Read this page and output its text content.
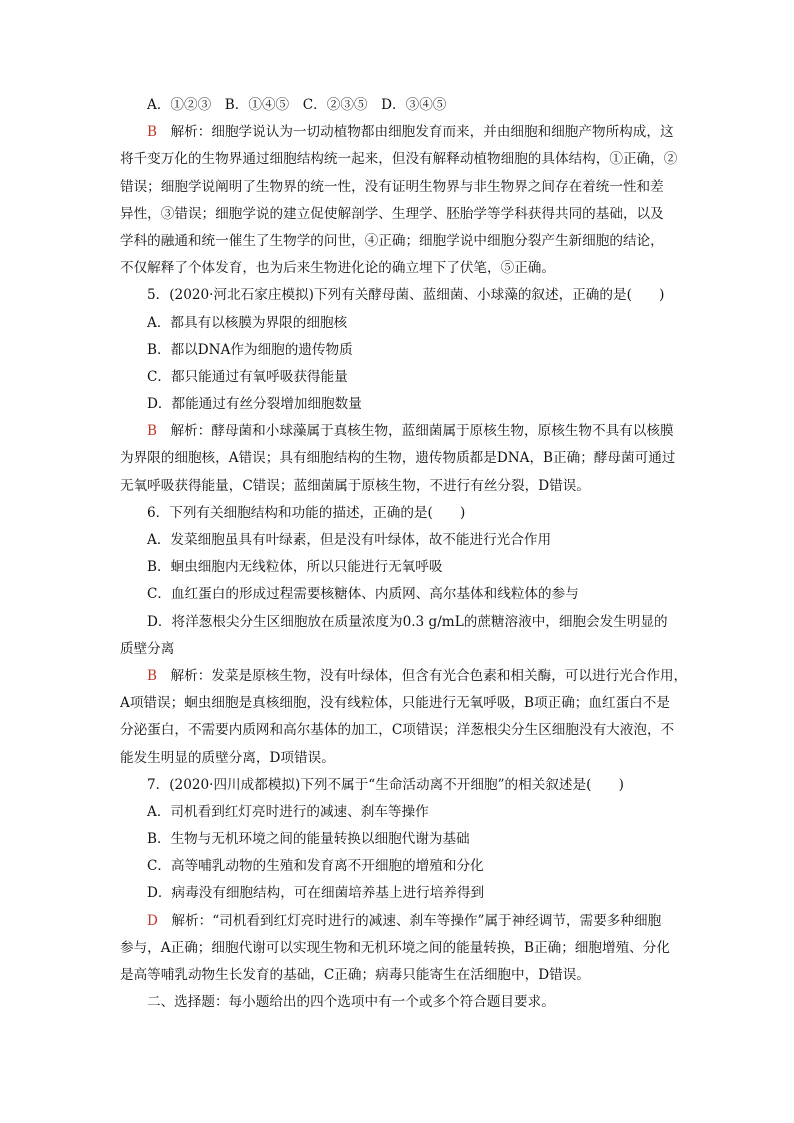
A．①②③　B．①④⑤　C．②③⑤　D．③④⑤
B　解析：细胞学说认为一切动植物都由细胞发育而来，并由细胞和细胞产物所构成，这
将千变万化的生物界通过细胞结构统一起来，但没有解释动植物细胞的具体结构，①正确，②
错误；细胞学说阐明了生物界的统一性，没有证明生物界与非生物界之间存在着统一性和差
异性，③错误；细胞学说的建立促使解剖学、生理学、胚胎学等学科获得共同的基础，以及
学科的融通和统一催生了生物学的问世，④正确；细胞学说中细胞分裂产生新细胞的结论，
不仅解释了个体发育，也为后来生物进化论的确立埋下了伏笔，⑤正确。
5．(2020·河北石家庄模拟)下列有关酵母菌、蓝细菌、小球藻的叙述，正确的是(　　)
A．都具有以核膜为界限的细胞核
B．都以DNA作为细胞的遗传物质
C．都只能通过有氧呼吸获得能量
D．都能通过有丝分裂增加细胞数量
B　解析：酵母菌和小球藻属于真核生物，蓝细菌属于原核生物，原核生物不具有以核膜
为界限的细胞核，A错误；具有细胞结构的生物，遗传物质都是DNA，B正确；酵母菌可通过
无氧呼吸获得能量，C错误；蓝细菌属于原核生物，不进行有丝分裂，D错误。
6．下列有关细胞结构和功能的描述，正确的是(　　)
A．发菜细胞虽具有叶绿素，但是没有叶绿体，故不能进行光合作用
B．蛔虫细胞内无线粒体，所以只能进行无氧呼吸
C．血红蛋白的形成过程需要核糖体、内质网、高尔基体和线粒体的参与
D．将洋葱根尖分生区细胞放在质量浓度为0.3 g/mL的蔗糖溶液中，细胞会发生明显的
质壁分离
B　解析：发菜是原核生物，没有叶绿体，但含有光合色素和相关酶，可以进行光合作用，
A项错误；蛔虫细胞是真核细胞，没有线粒体，只能进行无氧呼吸，B项正确；血红蛋白不是
分泌蛋白，不需要内质网和高尔基体的加工，C项错误；洋葱根尖分生区细胞没有大液泡，不
能发生明显的质壁分离，D项错误。
7．(2020·四川成都模拟)下列不属于“生命活动离不开细胞”的相关叙述是(　　)
A．司机看到红灯亮时进行的减速、刹车等操作
B．生物与无机环境之间的能量转换以细胞代谢为基础
C．高等哺乳动物的生殖和发育离不开细胞的增殖和分化
D．病毒没有细胞结构，可在细菌培养基上进行培养得到
D　解析：“司机看到红灯亮时进行的减速、刹车等操作”属于神经调节，需要多种细胞
参与，A正确；细胞代谢可以实现生物和无机环境之间的能量转换，B正确；细胞增殖、分化
是高等哺乳动物生长发育的基础，C正确；病毒只能寄生在活细胞中，D错误。
二、选择题：每小题给出的四个选项中有一个或多个符合题目要求。
